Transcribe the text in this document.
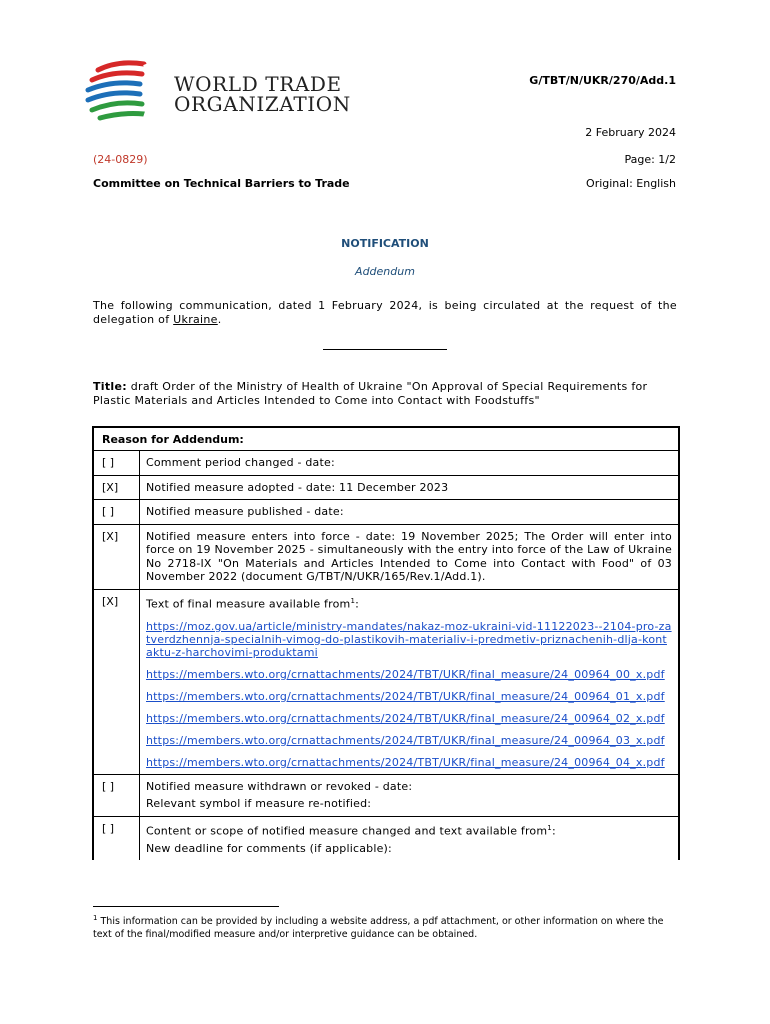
WORLD TRADE
ORGANIZATION
G/TBT/N/UKR/270/Add.1
2 February 2024
(24-0829)	Page: 1/2
Committee on Technical Barriers to Trade	Original: English
NOTIFICATION
Addendum
The following communication, dated 1 February 2024, is being circulated at the request of the delegation of Ukraine.
Title: draft Order of the Ministry of Health of Ukraine "On Approval of Special Requirements for Plastic Materials and Articles Intended to Come into Contact with Foodstuffs"
Reason for Addendum:
[ ]	Comment period changed - date:
[X]	Notified measure adopted - date: 11 December 2023
[ ]	Notified measure published - date:
[X]	Notified measure enters into force - date: 19 November 2025; The Order will enter into force on 19 November 2025 - simultaneously with the entry into force of the Law of Ukraine No 2718-IX "On Materials and Articles Intended to Come into Contact with Food" of 03 November 2022 (document G/TBT/N/UKR/165/Rev.1/Add.1).
[X]	Text of final measure available from$^1$:
https://moz.gov.ua/article/ministry-mandates/nakaz-moz-ukraini-vid-11122023--2104-pro-zatverdzhennja-specialnih-vimog-do-plastikovih-materialiv-i-predmetiv-priznachenih-dlja-kontaktu-z-harchovimi-produktami
https://members.wto.org/crnattachments/2024/TBT/UKR/final_measure/24_00964_00_x.pdf
https://members.wto.org/crnattachments/2024/TBT/UKR/final_measure/24_00964_01_x.pdf
https://members.wto.org/crnattachments/2024/TBT/UKR/final_measure/24_00964_02_x.pdf
https://members.wto.org/crnattachments/2024/TBT/UKR/final_measure/24_00964_03_x.pdf
https://members.wto.org/crnattachments/2024/TBT/UKR/final_measure/24_00964_04_x.pdf
[ ]	Notified measure withdrawn or revoked - date:
Relevant symbol if measure re-notified:
[ ]	Content or scope of notified measure changed and text available from$^1$:
New deadline for comments (if applicable):
$^1$ This information can be provided by including a website address, a pdf attachment, or other information on where the text of the final/modified measure and/or interpretive guidance can be obtained.
